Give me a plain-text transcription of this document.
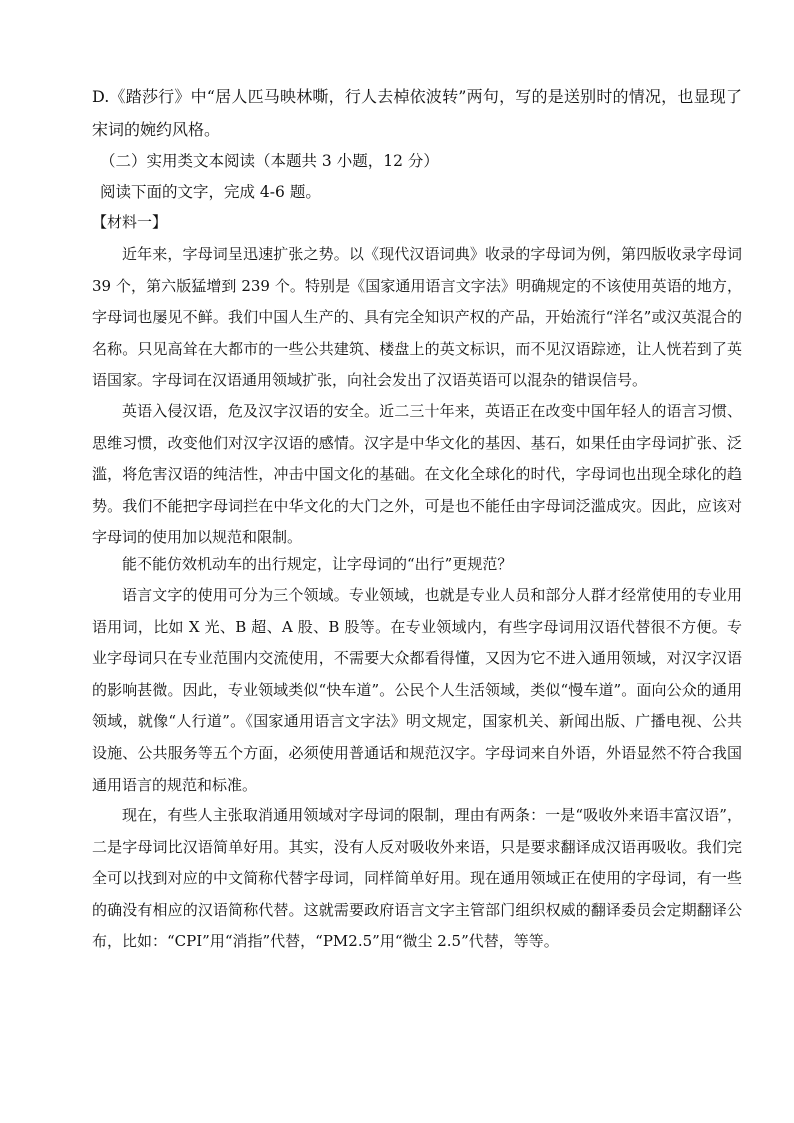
D.《踏莎行》中“居人匹马映林嘶，行人去棹依波转”两句，写的是送别时的情况，也显现了宋词的婉约风格。

（二）实用类文本阅读（本题共 3 小题，12 分）
阅读下面的文字，完成 4-6 题。
【材料一】

近年来，字母词呈迅速扩张之势。以《现代汉语词典》收录的字母词为例，第四版收录字母词 39 个，第六版猛增到 239 个。特别是《国家通用语言文字法》明确规定的不该使用英语的地方，字母词也屡见不鲜。我们中国人生产的、具有完全知识产权的产品，开始流行“洋名”或汉英混合的名称。只见高耸在大都市的一些公共建筑、楼盘上的英文标识，而不见汉语踪迹，让人恍若到了英语国家。字母词在汉语通用领域扩张，向社会发出了汉语英语可以混杂的错误信号。

英语入侵汉语，危及汉字汉语的安全。近二三十年来，英语正在改变中国年轻人的语言习惯、思维习惯，改变他们对汉字汉语的感情。汉字是中华文化的基因、基石，如果任由字母词扩张、泛滥，将危害汉语的纯洁性，冲击中国文化的基础。在文化全球化的时代，字母词也出现全球化的趋势。我们不能把字母词拦在中华文化的大门之外，可是也不能任由字母词泛滥成灾。因此，应该对字母词的使用加以规范和限制。

能不能仿效机动车的出行规定，让字母词的“出行”更规范？

语言文字的使用可分为三个领域。专业领域，也就是专业人员和部分人群才经常使用的专业用语用词，比如 X 光、B 超、A 股、B 股等。在专业领域内，有些字母词用汉语代替很不方便。专业字母词只在专业范围内交流使用，不需要大众都看得懂，又因为它不进入通用领域，对汉字汉语的影响甚微。因此，专业领域类似“快车道”。公民个人生活领域，类似“慢车道”。面向公众的通用领域，就像“人行道”。《国家通用语言文字法》明文规定，国家机关、新闻出版、广播电视、公共设施、公共服务等五个方面，必须使用普通话和规范汉字。字母词来自外语，外语显然不符合我国通用语言的规范和标准。

现在，有些人主张取消通用领域对字母词的限制，理由有两条：一是“吸收外来语丰富汉语”，二是字母词比汉语简单好用。其实，没有人反对吸收外来语，只是要求翻译成汉语再吸收。我们完全可以找到对应的中文简称代替字母词，同样简单好用。现在通用领域正在使用的字母词，有一些的确没有相应的汉语简称代替。这就需要政府语言文字主管部门组织权威的翻译委员会定期翻译公布，比如：“CPI”用“消指”代替，“PM2.5”用“微尘 2.5”代替，等等。
